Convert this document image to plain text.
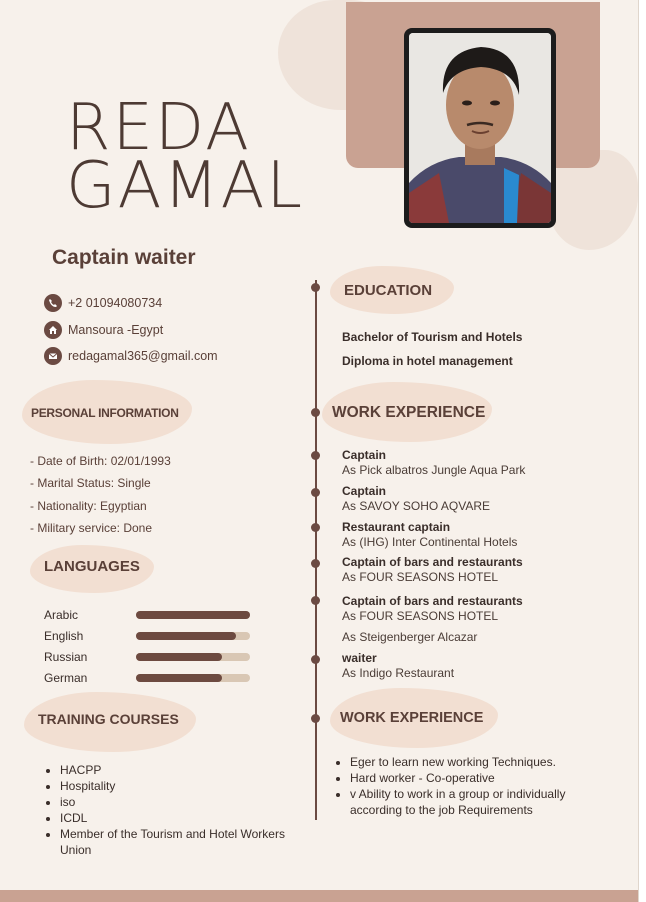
REDA
GAMAL
Captain waiter
+2 01094080734
Mansoura -Egypt
redagamal365@gmail.com
PERSONAL INFORMATION
- Date of Birth: 02/01/1993
- Marital Status: Single
- Nationality: Egyptian
- Military service: Done
LANGUAGES
Arabic
English
Russian
German
TRAINING COURSES
• HACPP
• Hospitality
• iso
• ICDL
• Member of the Tourism and Hotel Workers Union
EDUCATION
Bachelor of Tourism and Hotels
Diploma in hotel management
WORK EXPERIENCE
Captain
As Pick albatros Jungle Aqua Park
Captain
As SAVOY SOHO AQVARE
Restaurant captain
As (IHG) Inter Continental Hotels
Captain of bars and restaurants
As FOUR SEASONS HOTEL
Captain of bars and restaurants
As FOUR SEASONS HOTEL
As Steigenberger Alcazar
waiter
As Indigo Restaurant
WORK EXPERIENCE
• Eger to learn new working Techniques.
• Hard worker - Co-operative
• v Ability to work in a group or individually according to the job Requirements
